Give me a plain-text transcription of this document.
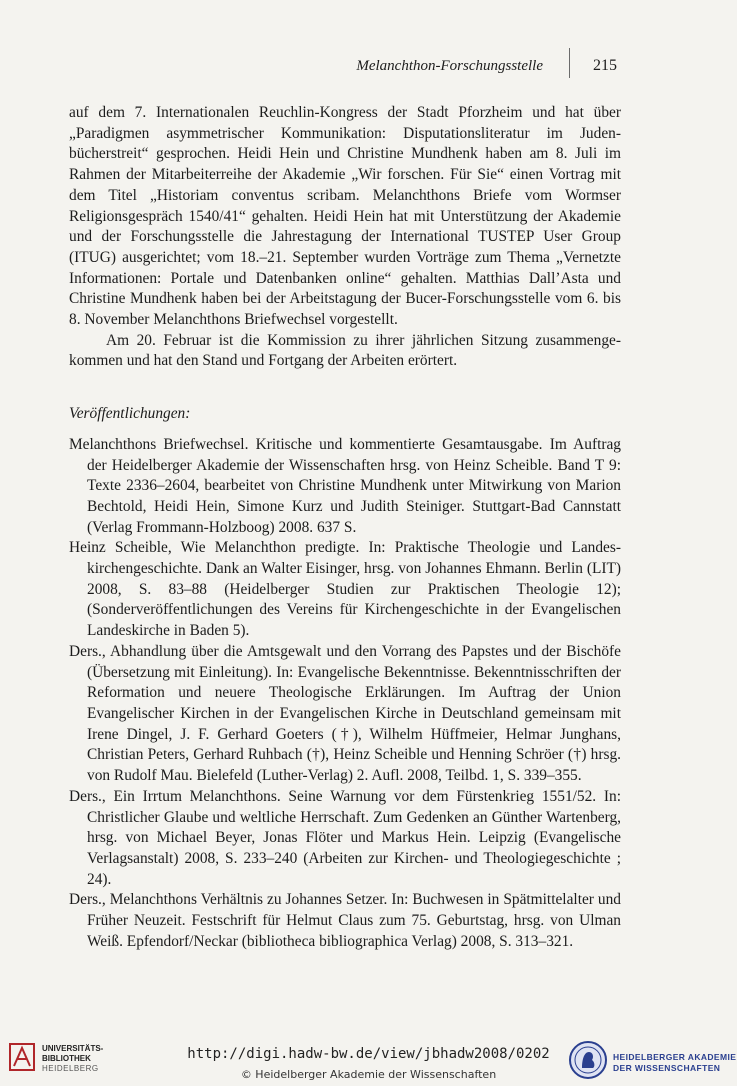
Melanchthon-Forschungsstelle	215

auf dem 7. Internationalen Reuchlin-Kongress der Stadt Pforzheim und hat über „Paradigmen asymmetrischer Kommunikation: Disputationsliteratur im Judenbücherstreit“ gesprochen. Heidi Hein und Christine Mundhenk haben am 8. Juli im Rahmen der Mitarbeiterreihe der Akademie „Wir forschen. Für Sie“ einen Vortrag mit dem Titel „Historiam conventus scribam. Melanchthons Briefe vom Wormser Religionsgespräch 1540/41“ gehalten. Heidi Hein hat mit Unterstützung der Akademie und der Forschungsstelle die Jahrestagung der International TUSTEP User Group (ITUG) ausgerichtet; vom 18.–21. September wurden Vorträge zum Thema „Vernetzte Informationen: Portale und Datenbanken online“ gehalten. Matthias Dall’Asta und Christine Mundhenk haben bei der Arbeitstagung der Bucer-Forschungsstelle vom 6. bis 8. November Melanchthons Briefwechsel vorgestellt.

Am 20. Februar ist die Kommission zu ihrer jährlichen Sitzung zusammengekommen und hat den Stand und Fortgang der Arbeiten erörtert.

Veröffentlichungen:

Melanchthons Briefwechsel. Kritische und kommentierte Gesamtausgabe. Im Auftrag der Heidelberger Akademie der Wissenschaften hrsg. von Heinz Scheible. Band T 9: Texte 2336–2604, bearbeitet von Christine Mundhenk unter Mitwirkung von Marion Bechtold, Heidi Hein, Simone Kurz und Judith Steiniger. Stuttgart-Bad Cannstatt (Verlag Frommann-Holzboog) 2008. 637 S.

Heinz Scheible, Wie Melanchthon predigte. In: Praktische Theologie und Landeskirchengeschichte. Dank an Walter Eisinger, hrsg. von Johannes Ehmann. Berlin (LIT) 2008, S. 83–88 (Heidelberger Studien zur Praktischen Theologie 12); (Sonderveröffentlichungen des Vereins für Kirchengeschichte in der Evangelischen Landeskirche in Baden 5).

Ders., Abhandlung über die Amtsgewalt und den Vorrang des Papstes und der Bischöfe (Übersetzung mit Einleitung). In: Evangelische Bekenntnisse. Bekenntnisschriften der Reformation und neuere Theologische Erklärungen. Im Auftrag der Union Evangelischer Kirchen in der Evangelischen Kirche in Deutschland gemeinsam mit Irene Dingel, J. F. Gerhard Goeters (†), Wilhelm Hüffmeier, Helmar Junghans, Christian Peters, Gerhard Ruhbach (†), Heinz Scheible und Henning Schröer (†) hrsg. von Rudolf Mau. Bielefeld (Luther-Verlag) 2. Aufl. 2008, Teilbd. 1, S. 339–355.

Ders., Ein Irrtum Melanchthons. Seine Warnung vor dem Fürstenkrieg 1551/52. In: Christlicher Glaube und weltliche Herrschaft. Zum Gedenken an Günther Wartenberg, hrsg. von Michael Beyer, Jonas Flöter und Markus Hein. Leipzig (Evangelische Verlagsanstalt) 2008, S. 233–240 (Arbeiten zur Kirchen- und Theologiegeschichte ; 24).

Ders., Melanchthons Verhältnis zu Johannes Setzer. In: Buchwesen in Spätmittelalter und Früher Neuzeit. Festschrift für Helmut Claus zum 75. Geburtstag, hrsg. von Ulman Weiß. Epfendorf/Neckar (bibliotheca bibliographica Verlag) 2008, S. 313–321.

UNIVERSITÄTS-
BIBLIOTHEK
HEIDELBERG
http://digi.hadw-bw.de/view/jbhadw2008/0202
© Heidelberger Akademie der Wissenschaften
HEIDELBERGER AKADEMIE
DER WISSENSCHAFTEN
